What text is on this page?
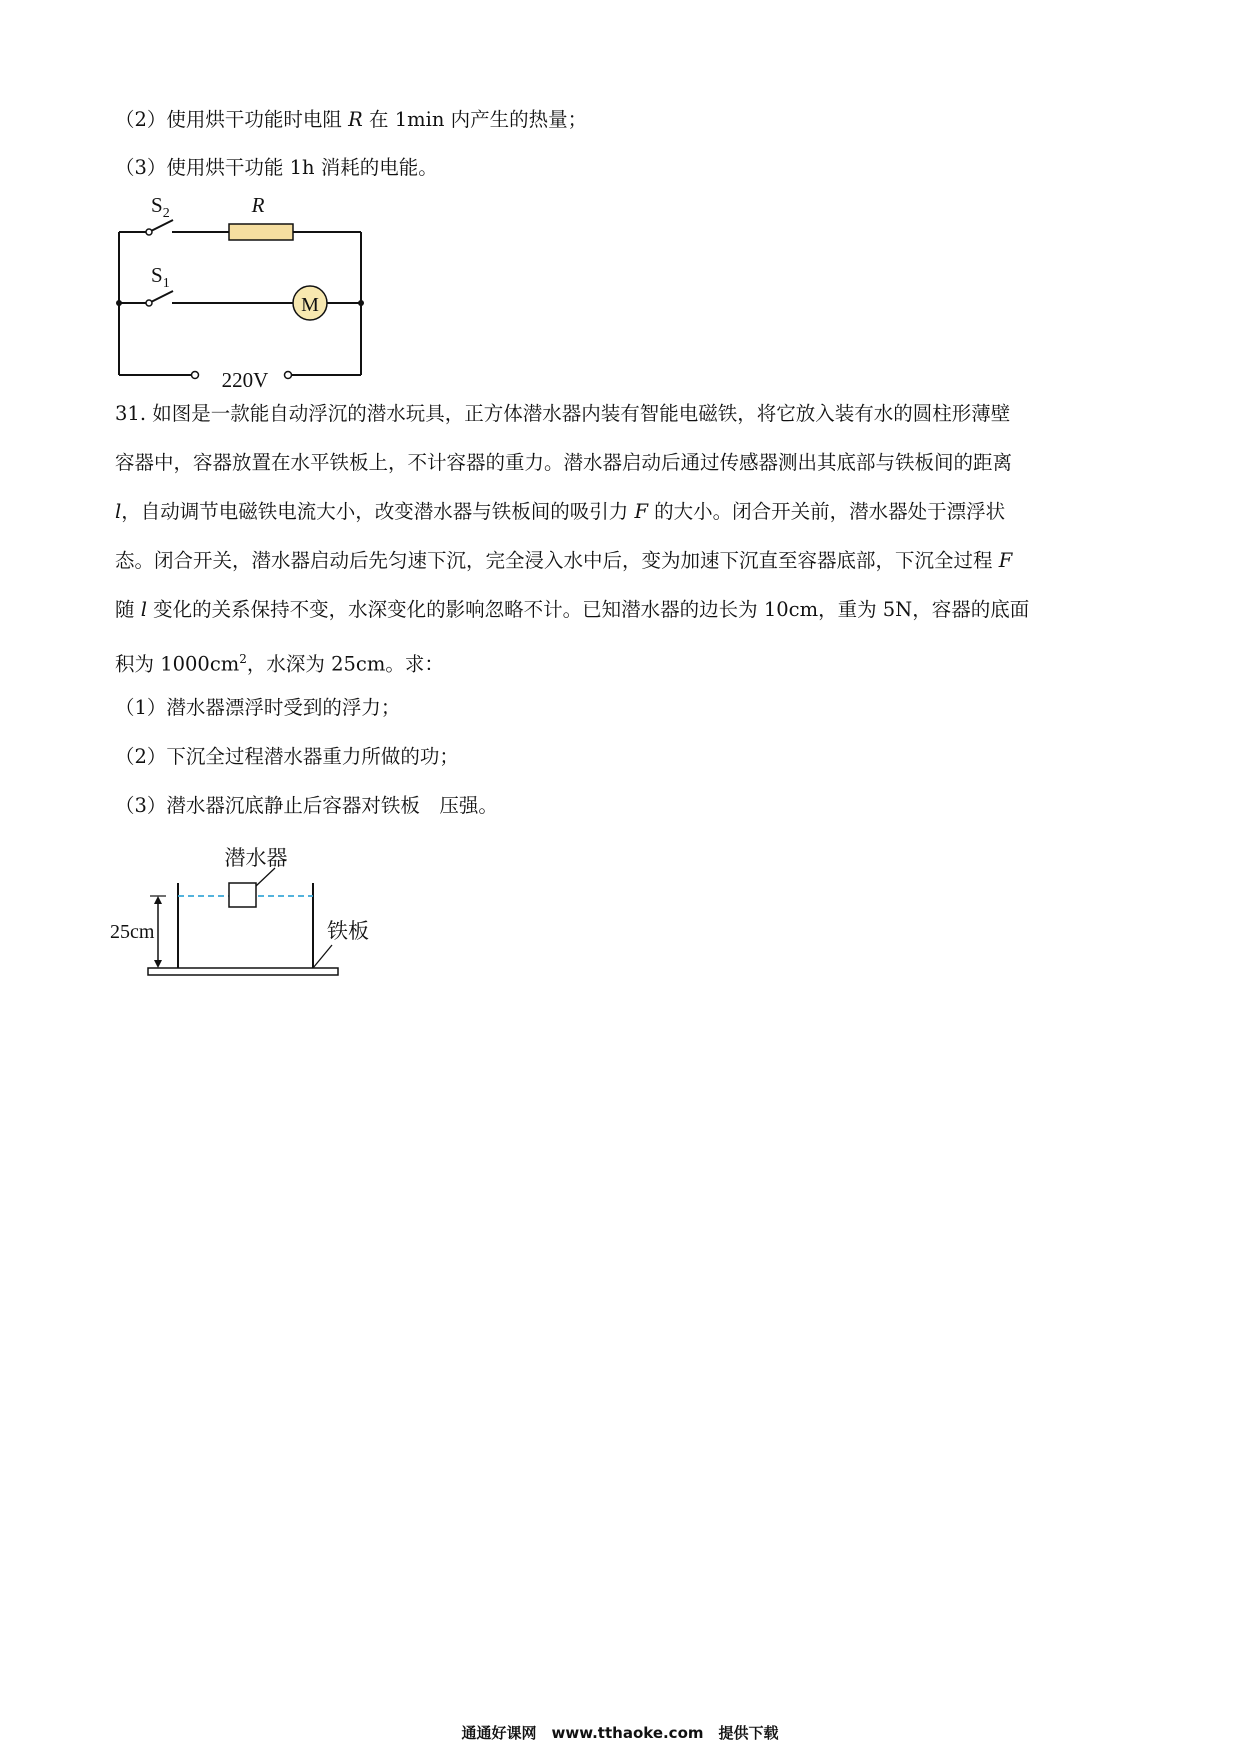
（2）使用烘干功能时电阻 R 在 1min 内产生的热量；
（3）使用烘干功能 1h 消耗的电能。
M
220V
$S_2$
$S_1$
R
31. 如图是一款能自动浮沉的潜水玩具，正方体潜水器内装有智能电磁铁，将它放入装有水的圆柱形薄壁
容器中，容器放置在水平铁板上，不计容器的重力。潜水器启动后通过传感器测出其底部与铁板间的距离
l，自动调节电磁铁电流大小，改变潜水器与铁板间的吸引力 F 的大小。闭合开关前，潜水器处于漂浮状
态。闭合开关，潜水器启动后先匀速下沉，完全浸入水中后，变为加速下沉直至容器底部，下沉全过程 F
随 l 变化的关系保持不变，水深变化的影响忽略不计。已知潜水器的边长为 10cm，重为 5N，容器的底面
积为 $1000cm^2$，水深为 25cm。求：
（1）潜水器漂浮时受到的浮力；
（2）下沉全过程潜水器重力所做的功；
（3）潜水器沉底静止后容器对铁板　压强。
潜水器
25cm	铁板
通通好课网　www.tthaoke.com　提供下载
